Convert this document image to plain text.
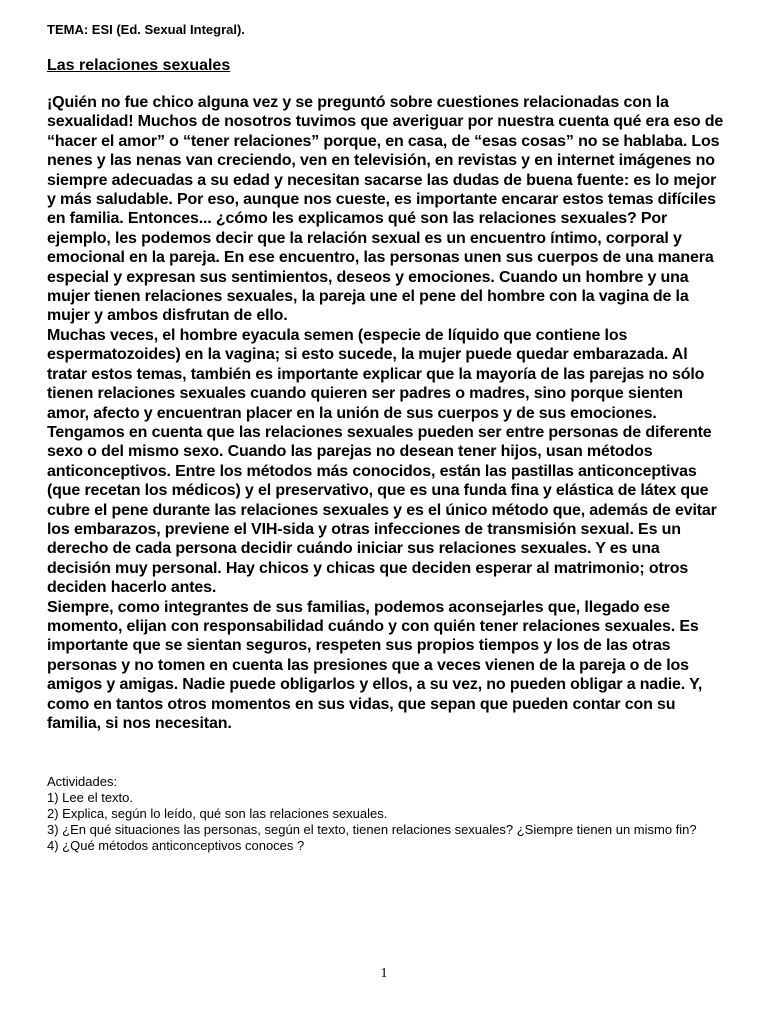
TEMA: ESI (Ed. Sexual Integral).

Las relaciones sexuales

¡Quién no fue chico alguna vez y se preguntó sobre cuestiones relacionadas con la sexualidad! Muchos de nosotros tuvimos que averiguar por nuestra cuenta qué era eso de “hacer el amor” o “tener relaciones” porque, en casa, de “esas cosas” no se hablaba. Los nenes y las nenas van creciendo, ven en televisión, en revistas y en internet imágenes no siempre adecuadas a su edad y necesitan sacarse las dudas de buena fuente: es lo mejor y más saludable. Por eso, aunque nos cueste, es importante encarar estos temas difíciles en familia. Entonces... ¿cómo les explicamos qué son las relaciones sexuales? Por ejemplo, les podemos decir que la relación sexual es un encuentro íntimo, corporal y emocional en la pareja. En ese encuentro, las personas unen sus cuerpos de una manera especial y expresan sus sentimientos, deseos y emociones. Cuando un hombre y una mujer tienen relaciones sexuales, la pareja une el pene del hombre con la vagina de la mujer y ambos disfrutan de ello.

Muchas veces, el hombre eyacula semen (especie de líquido que contiene los espermatozoides) en la vagina; si esto sucede, la mujer puede quedar embarazada. Al tratar estos temas, también es importante explicar que la mayoría de las parejas no sólo tienen relaciones sexuales cuando quieren ser padres o madres, sino porque sienten amor, afecto y encuentran placer en la unión de sus cuerpos y de sus emociones. Tengamos en cuenta que las relaciones sexuales pueden ser entre personas de diferente sexo o del mismo sexo. Cuando las parejas no desean tener hijos, usan métodos anticonceptivos. Entre los métodos más conocidos, están las pastillas anticonceptivas (que recetan los médicos) y el preservativo, que es una funda fina y elástica de látex que cubre el pene durante las relaciones sexuales y es el único método que, además de evitar los embarazos, previene el VIH-sida y otras infecciones de transmisión sexual. Es un derecho de cada persona decidir cuándo iniciar sus relaciones sexuales. Y es una decisión muy personal. Hay chicos y chicas que deciden esperar al matrimonio; otros deciden hacerlo antes.

Siempre, como integrantes de sus familias, podemos aconsejarles que, llegado ese momento, elijan con responsabilidad cuándo y con quién tener relaciones sexuales. Es importante que se sientan seguros, respeten sus propios tiempos y los de las otras personas y no tomen en cuenta las presiones que a veces vienen de la pareja o de los amigos y amigas. Nadie puede obligarlos y ellos, a su vez, no pueden obligar a nadie. Y, como en tantos otros momentos en sus vidas, que sepan que pueden contar con su familia, si nos necesitan.

Actividades:
1) Lee el texto.
2) Explica, según lo leído, qué son las relaciones sexuales.
3) ¿En qué situaciones las personas, según el texto, tienen relaciones sexuales? ¿Siempre tienen un mismo fin?
4) ¿Qué métodos anticonceptivos conoces ?
1
